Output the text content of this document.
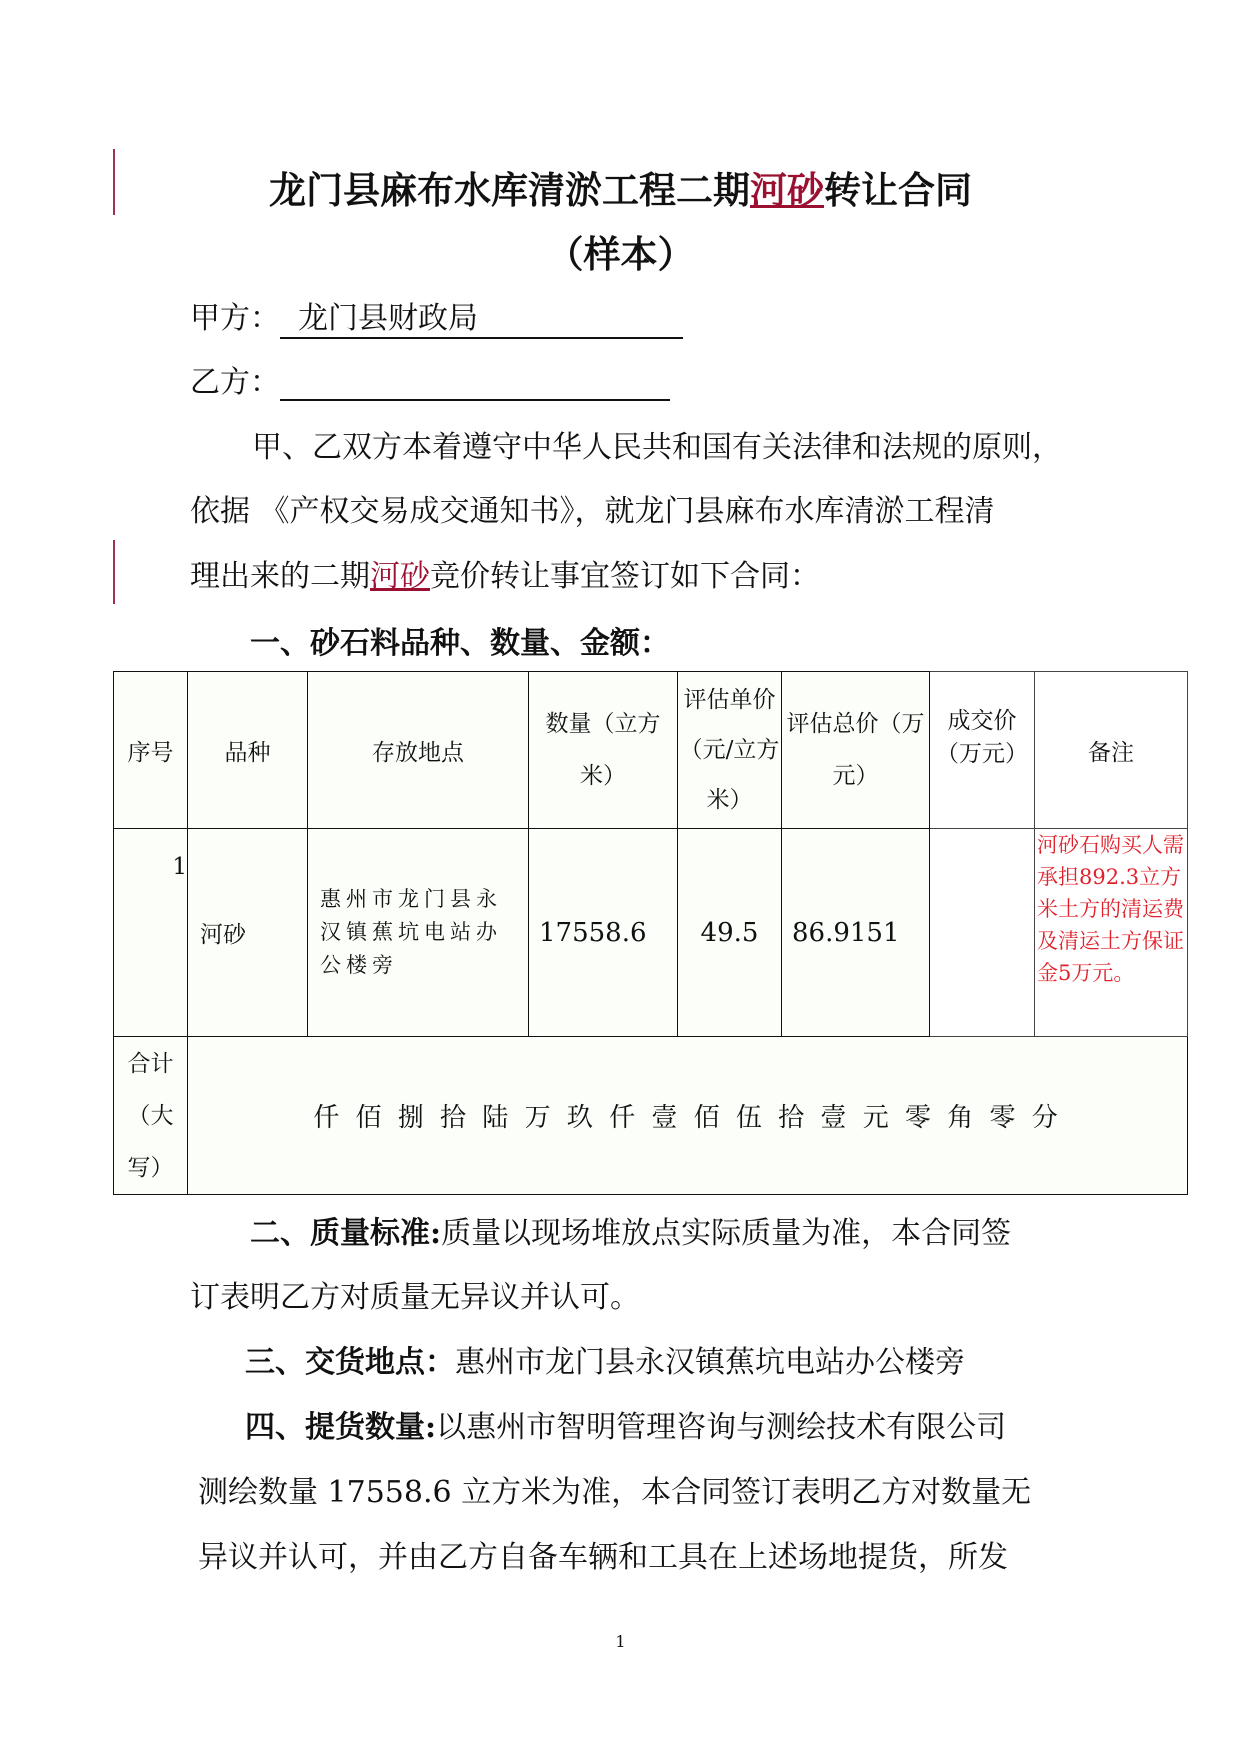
龙门县麻布水库清淤工程二期河砂转让合同
（样本）
甲方： 龙门县财政局
乙方：
甲、乙双方本着遵守中华人民共和国有关法律和法规的原则，
依据 《产权交易成交通知书》，就龙门县麻布水库清淤工程清
理出来的二期河砂竞价转让事宜签订如下合同：
一、砂石料品种、数量、金额：
序号	品种	存放地点	数量（立方米）	评估单价（元/立方米）	评估总价（万元）	成交价（万元）	备注
1	河砂	惠州市龙门县永汉镇蕉坑电站办公楼旁	17558.6	49.5	86.9151		河砂石购买人需承担892.3立方米土方的清运费及清运土方保证金5万元。
合计（大写）	仟 佰 捌 拾 陆 万 玖 仟 壹 佰 伍 拾 壹 元 零 角 零 分						
二、质量标准:质量以现场堆放点实际质量为准，本合同签
订表明乙方对质量无异议并认可。
三、交货地点：惠州市龙门县永汉镇蕉坑电站办公楼旁
四、提货数量:以惠州市智明管理咨询与测绘技术有限公司
测绘数量 17558.6 立方米为准，本合同签订表明乙方对数量无
异议并认可，并由乙方自备车辆和工具在上述场地提货，所发
1
